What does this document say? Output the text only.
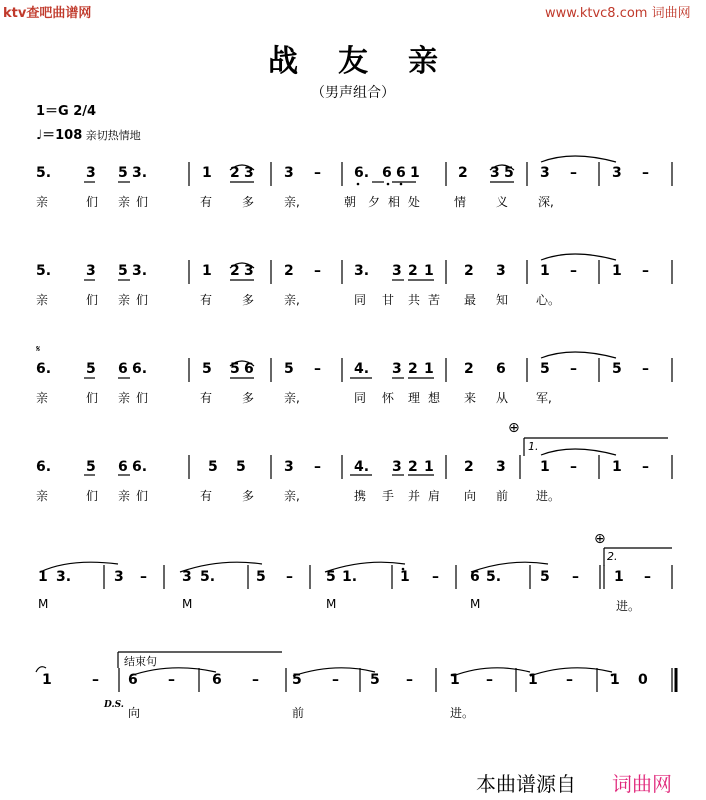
ktv查吧曲谱网	www.ktvc8.com 词曲网
战友亲
（男声组合）
1＝G 2/4
♩＝108 亲切热情地
5. 3 5 3.	1 2 3 3 – 6. 6 6 1	2 3 5 3 –	3 –
亲	们 亲们	有 多 亲,	朝 夕 相 处	情 义 深,
5. 3 5 3.	1 2 3 2 – 3. 3 2 1 2 3 1 –	1 –
亲	们 亲们	有 多 亲,	同 甘 共 苦 最 知 心。
𝄋
6. 5 6 6.	5 5 6 5 – 4. 3 2 1 2 6 5 –	5 –
亲	们 亲们	有 多 亲,	同 怀 理 想 来 从 军,
⊕
1.
6. 5 6 6.	5 5	3 – 4. 3 2 1 2 3 1 –	1 –
亲	们 亲们	有 多 亲,	携 手 并 肩 向 前 进。
⊕
2.
1 3.	3 –	3 5.	5 – 5 1.	1 – 6 5.	5 –	1 –
M	M	M	M	进。
结束句
1	– 6 –	6 – 5 – 5 –	1 –	1 –	1 0
D.S.
向	前	进。
本曲谱源自 词曲网
